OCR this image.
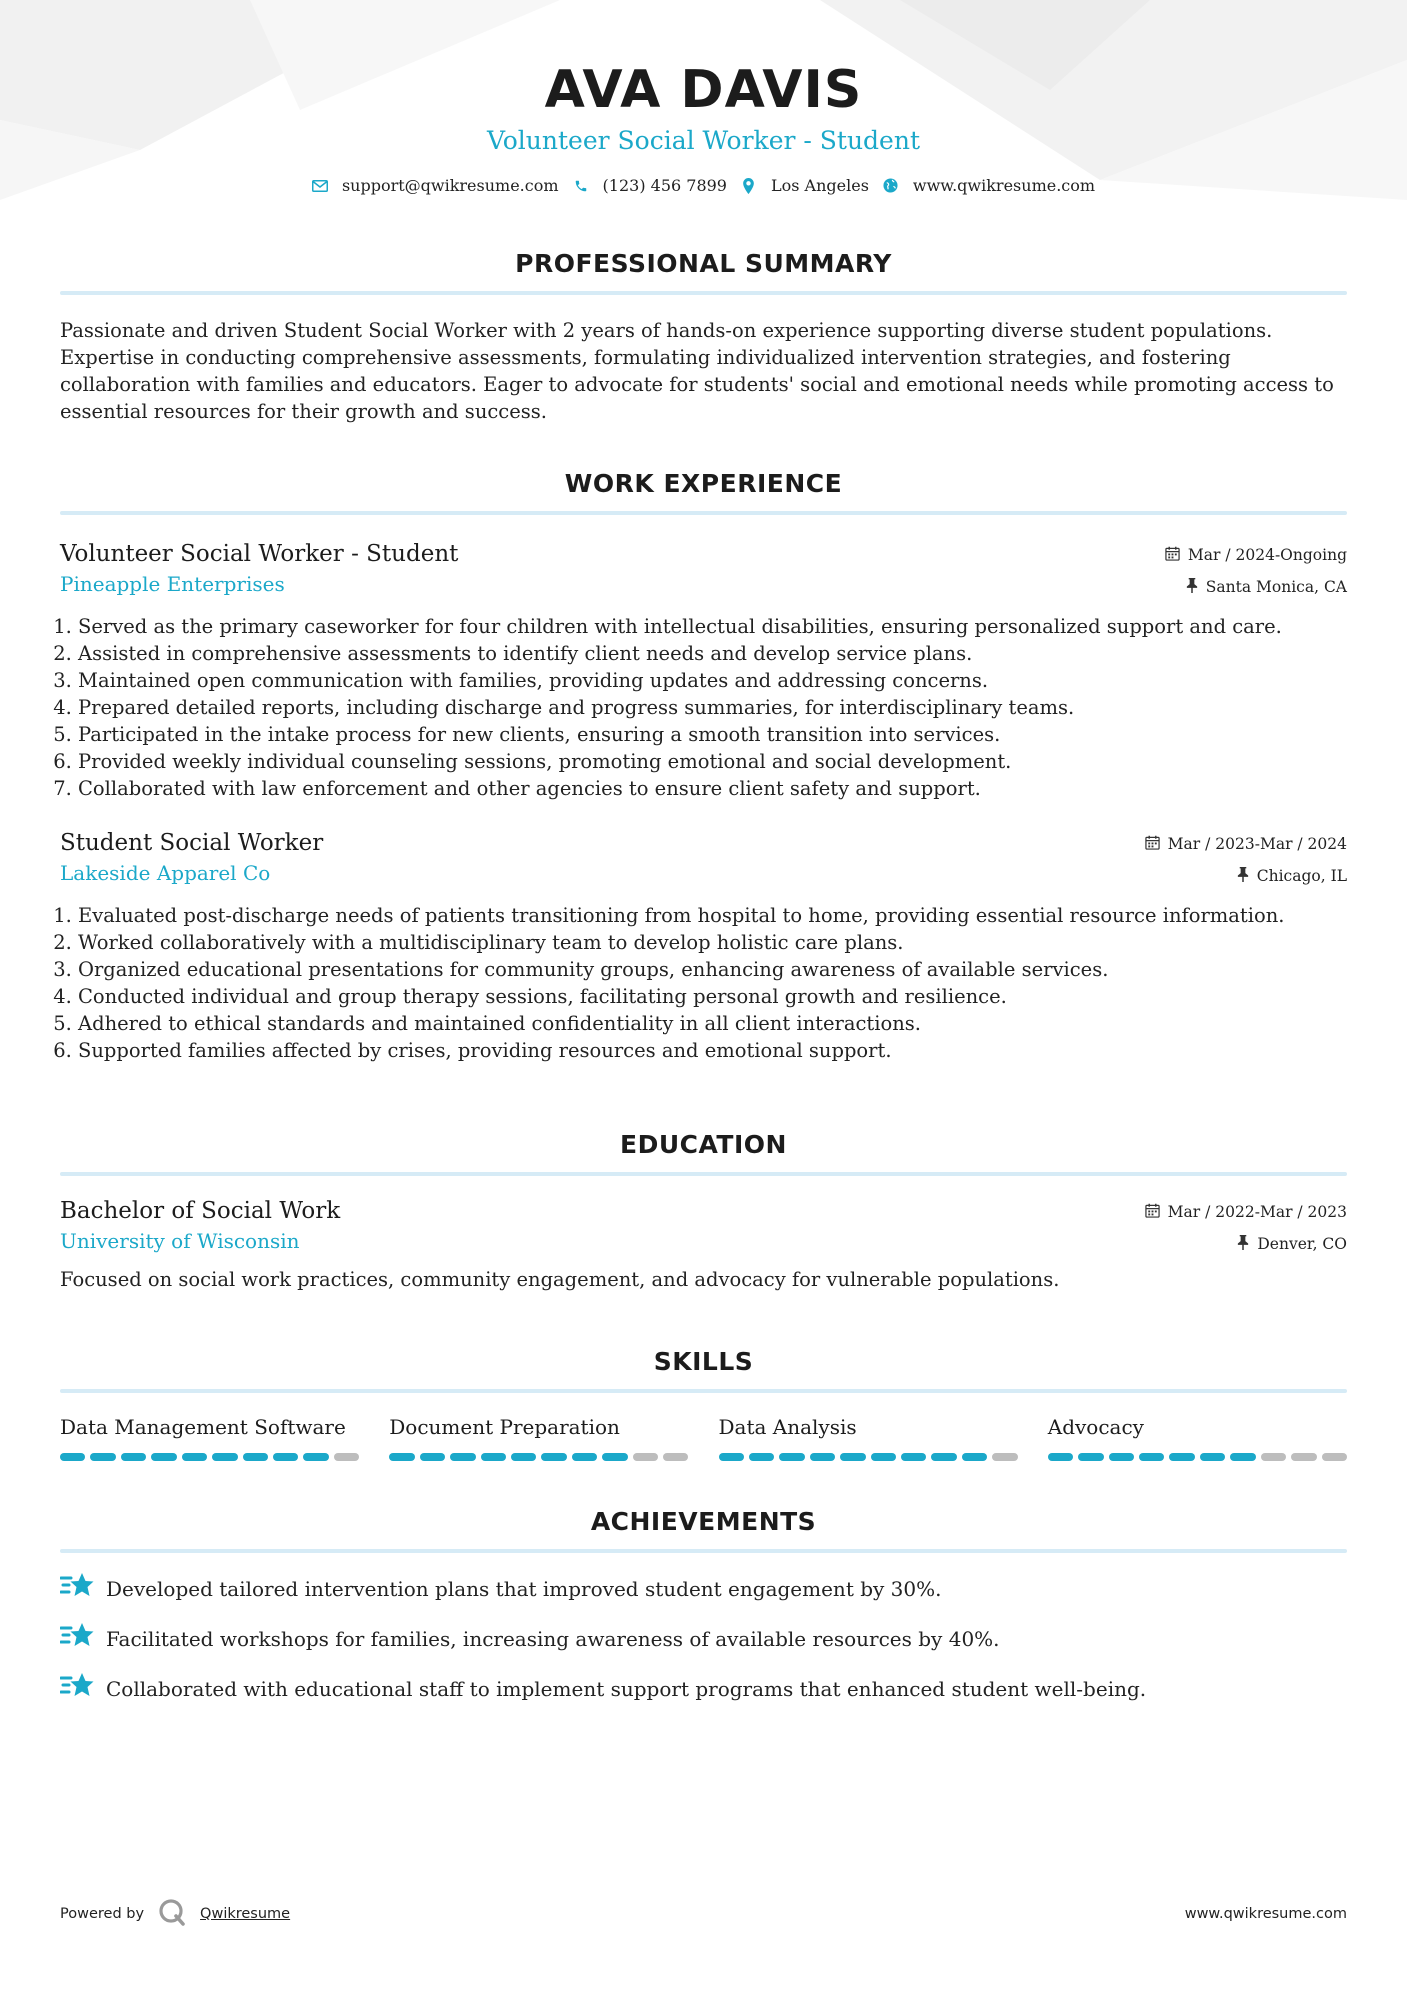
AVA DAVIS
Volunteer Social Worker - Student
support@qwikresume.com	(123) 456 7899	Los Angeles	www.qwikresume.com
PROFESSIONAL SUMMARY

Passionate and driven Student Social Worker with 2 years of hands-on experience supporting diverse student populations. Expertise in conducting comprehensive assessments, formulating individualized intervention strategies, and fostering collaboration with families and educators. Eager to advocate for students' social and emotional needs while promoting access to essential resources for their growth and success.

WORK EXPERIENCE
Volunteer Social Worker - Student
Pineapple Enterprises
Mar / 2024-Ongoing
Santa Monica, CA
1. Served as the primary caseworker for four children with intellectual disabilities, ensuring personalized support and care.
2. Assisted in comprehensive assessments to identify client needs and develop service plans.
3. Maintained open communication with families, providing updates and addressing concerns.
4. Prepared detailed reports, including discharge and progress summaries, for interdisciplinary teams.
5. Participated in the intake process for new clients, ensuring a smooth transition into services.
6. Provided weekly individual counseling sessions, promoting emotional and social development.
7. Collaborated with law enforcement and other agencies to ensure client safety and support.
Student Social Worker
Lakeside Apparel Co
Mar / 2023-Mar / 2024
Chicago, IL
1. Evaluated post-discharge needs of patients transitioning from hospital to home, providing essential resource information.
2. Worked collaboratively with a multidisciplinary team to develop holistic care plans.
3. Organized educational presentations for community groups, enhancing awareness of available services.
4. Conducted individual and group therapy sessions, facilitating personal growth and resilience.
5. Adhered to ethical standards and maintained confidentiality in all client interactions.
6. Supported families affected by crises, providing resources and emotional support.
EDUCATION
Bachelor of Social Work
University of Wisconsin
Mar / 2022-Mar / 2023
Denver, CO
Focused on social work practices, community engagement, and advocacy for vulnerable populations.
SKILLS
Data Management Software	Document Preparation	Data Analysis	Advocacy
ACHIEVEMENTS
Developed tailored intervention plans that improved student engagement by 30%.
Facilitated workshops for families, increasing awareness of available resources by 40%.
Collaborated with educational staff to implement support programs that enhanced student well-being.
Powered by	Qwikresume	www.qwikresume.com
